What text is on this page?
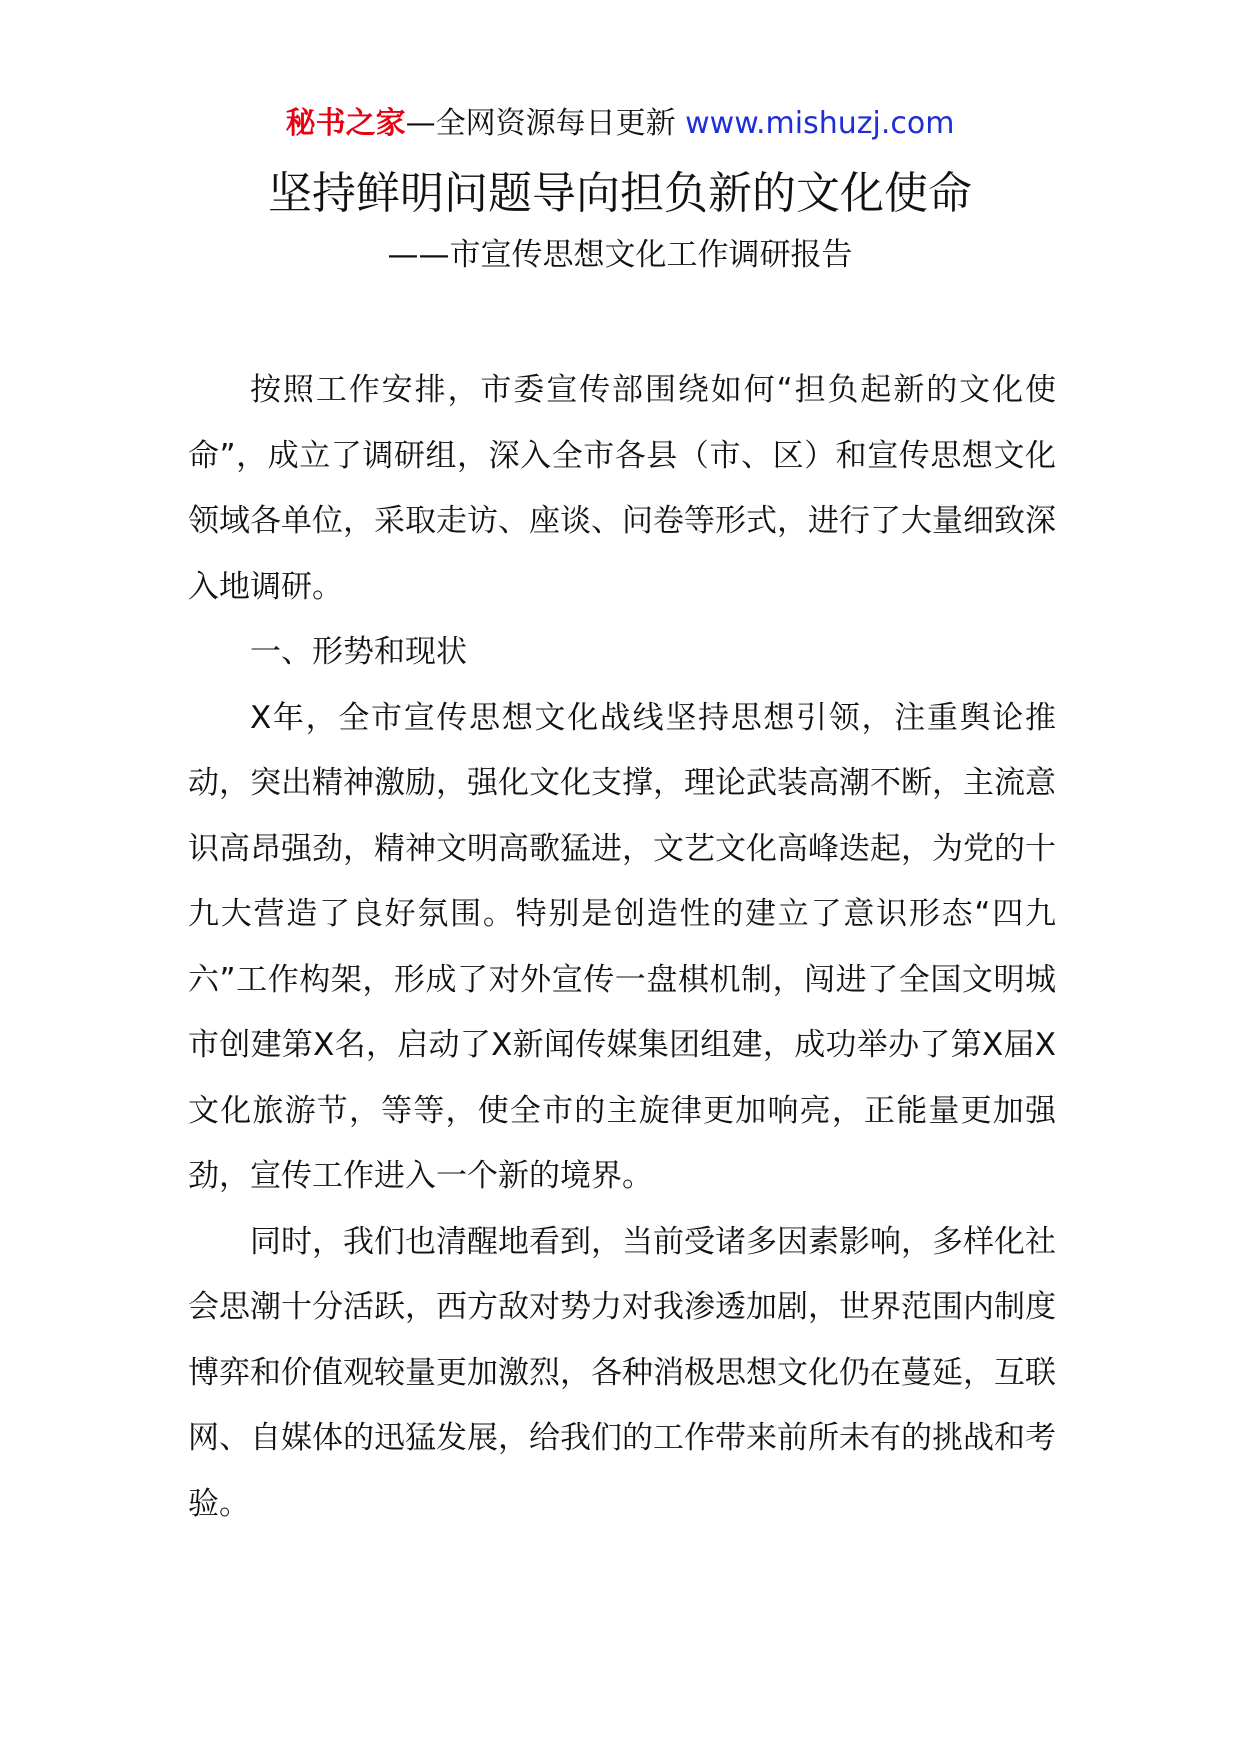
秘书之家—全网资源每日更新 www.mishuzj.com
坚持鲜明问题导向担负新的文化使命
——市宣传思想文化工作调研报告

按照工作安排，市委宣传部围绕如何“担负起新的文化使命”，成立了调研组，深入全市各县（市、区）和宣传思想文化领域各单位，采取走访、座谈、问卷等形式，进行了大量细致深入地调研。

一、形势和现状

X年，全市宣传思想文化战线坚持思想引领，注重舆论推动，突出精神激励，强化文化支撑，理论武装高潮不断，主流意识高昂强劲，精神文明高歌猛进，文艺文化高峰迭起，为党的十九大营造了良好氛围。特别是创造性的建立了意识形态“四九六”工作构架，形成了对外宣传一盘棋机制，闯进了全国文明城市创建第X名，启动了X新闻传媒集团组建，成功举办了第X届X文化旅游节，等等，使全市的主旋律更加响亮，正能量更加强劲，宣传工作进入一个新的境界。

同时，我们也清醒地看到，当前受诸多因素影响，多样化社会思潮十分活跃，西方敌对势力对我渗透加剧，世界范围内制度博弈和价值观较量更加激烈，各种消极思想文化仍在蔓延，互联网、自媒体的迅猛发展，给我们的工作带来前所未有的挑战和考验。
